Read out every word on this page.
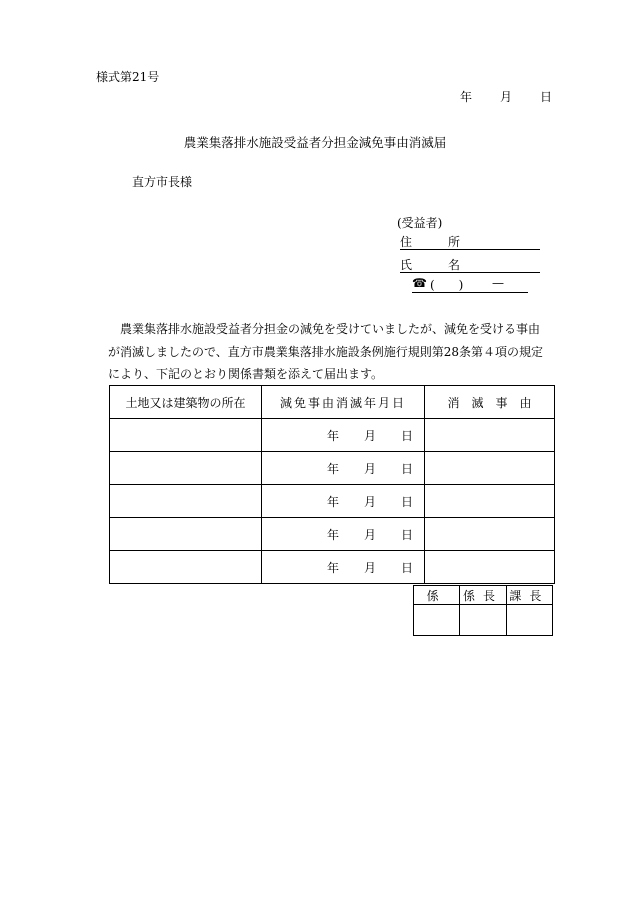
様式第21号
年 月 日
農業集落排水施設受益者分担金減免事由消滅届
直方市長様
(受益者)
住　所
氏　名
☎ (　　) —
農業集落排水施設受益者分担金の減免を受けていましたが、減免を受ける事由が消滅しましたので、直方市農業集落排水施設条例施行規則第28条第４項の規定により、下記のとおり関係書類を添えて届出ます。
土地又は建築物の所在	減免事由消滅年月日	消　滅　事　由
	年 月 日	
	年 月 日	
	年 月 日	
	年 月 日	
	年 月 日	
係	係長	課長
